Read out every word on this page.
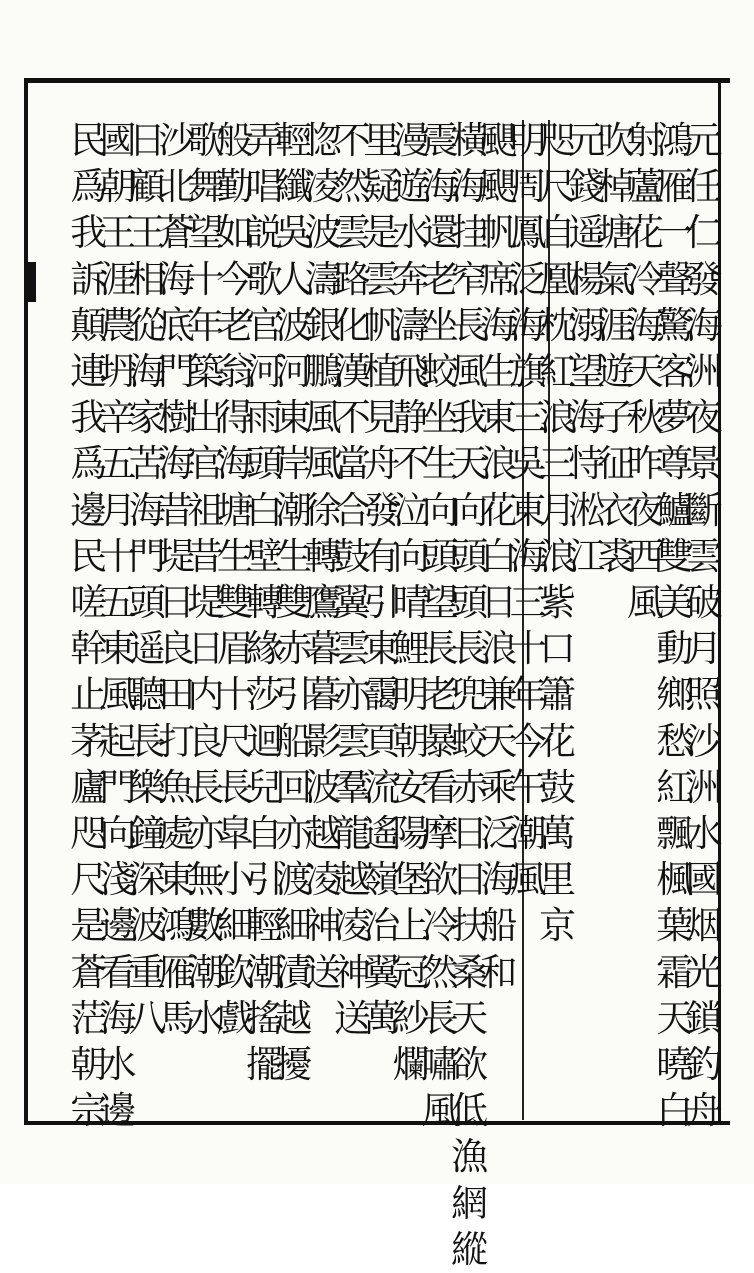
元
任
仁
發
海
洲
夜
景
斷
雲
破
月
照
沙
洲
水
國
烟
光
鎖
釣
舟
鴻
雁
一
聲
驚
客
夢
尊
鱸
雙
美
動
鄉
愁
紅
飄
楓
葉
霜
天
曉
白
射
蘆
花
冷
海
天
秋
昨
夜
西
風
吹
棹
塘
氣
涯
遊
子
征
衣
裘
元
錢
遥
楊
溺
望
海
恃
淞
江
咫
尺
自
凰
枕
紅
浪
三
月
浪
紫
口
簫
花
鼓
萬
里
京
明
周
鳳
泛
海
旗
三
吳
東
海
三
十
年
今
午
潮
風
颶
颶
帆
席
海
生
東
浪
花
白
日
浪
兼
天
乘
泛
海
船
和
橫
海
挂
窄
長
風
我
天
向
頭
頭
長
兜
蛟
赤
日
日
扶
桑
天
欲
低
漁
網
縱
震
海
還
老
坐
蛟
坐
生
向
頭
望
長
老
暴
看
摩
欲
冷
然
長
嘯
風
漫
遊
水
奔
濤
飛
静
不
泣
向
晴
鯉
明
朝
安
陽
堡
上
冠
紗
爛
里
疑
是
雲
帆
植
見
舟
發
有
引
東
靄
頁
流
遙
嶺
冶
翼
萬
不
然
雲
路
化
漢
不
當
合
鼓
翼
雲
亦
雲
羣
龍
越
凌
神
送
惚
凌
波
濤
銀
鵬
風
風
徐
轉
鷹
暮
暮
影
波
越
凌
神
送
輕
纖
吳
人
波
河
東
岸
潮
生
雙
赤
引
船
回
亦
渡
細
漬
越
擾
弄
唱
説
歌
官
河
雨
頭
白
壁
轉
緣
莎
迴
兒
自
引
輕
潮
搖
擺
般
勤
如
今
老
翁
得
海
塘
生
雙
眉
十
尺
長
皐
小
細
欽
戲
歌
舞
望
十
年
築
出
官
祖
昔
堤
日
内
良
長
亦
無
數
潮
水
沙
北
蒼
海
底
門
樹
海
昔
堤
日
良
田
打
魚
處
東
鴻
雁
馬
日
顧
王
相
從
海
家
苦
海
門
頭
遥
聽
長
樂
鐘
深
波
重
八
國
朝
王
涯
農
坍
辛
五
月
十
五
東
風
起
門
向
淺
邊
看
海
水
邊
民
爲
我
訴
顛
連
我
爲
邊
民
嗟
幹
止
茅
廬
咫
尺
是
蒼
茫
朝
宗
